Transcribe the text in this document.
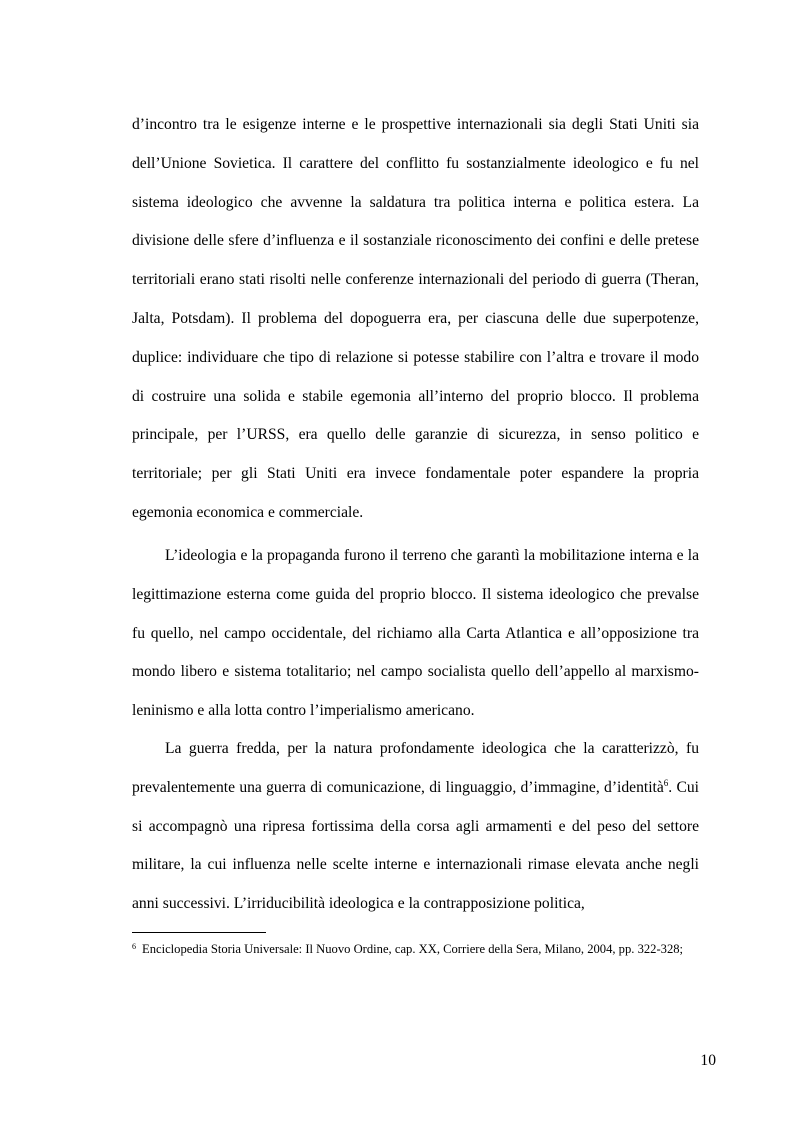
d’incontro tra le esigenze interne e le prospettive internazionali sia degli Stati Uniti sia dell’Unione Sovietica. Il carattere del conflitto fu sostanzialmente ideologico e fu nel sistema ideologico che avvenne la saldatura tra politica interna e politica estera. La divisione delle sfere d’influenza e il sostanziale riconoscimento dei confini e delle pretese territoriali erano stati risolti nelle conferenze internazionali del periodo di guerra (Theran, Jalta, Potsdam). Il problema del dopoguerra era, per ciascuna delle due superpotenze, duplice: individuare che tipo di relazione si potesse stabilire con l’altra e trovare il modo di costruire una solida e stabile egemonia all’interno del proprio blocco. Il problema principale, per l’URSS, era quello delle garanzie di sicurezza, in senso politico e territoriale; per gli Stati Uniti era invece fondamentale poter espandere la propria egemonia economica e commerciale.

L’ideologia e la propaganda furono il terreno che garantì la mobilitazione interna e la legittimazione esterna come guida del proprio blocco. Il sistema ideologico che prevalse fu quello, nel campo occidentale, del richiamo alla Carta Atlantica e all’opposizione tra mondo libero e sistema totalitario; nel campo socialista quello dell’appello al marxismo-leninismo e alla lotta contro l’imperialismo americano.

La guerra fredda, per la natura profondamente ideologica che la caratterizzò, fu prevalentemente una guerra di comunicazione, di linguaggio, d’immagine, d’identità$^6$. Cui si accompagnò una ripresa fortissima della corsa agli armamenti e del peso del settore militare, la cui influenza nelle scelte interne e internazionali rimase elevata anche negli anni successivi. L’irriducibilità ideologica e la contrapposizione politica,

$^6$ Enciclopedia Storia Universale: Il Nuovo Ordine, cap. XX, Corriere della Sera, Milano, 2004, pp. 322-328;

10
